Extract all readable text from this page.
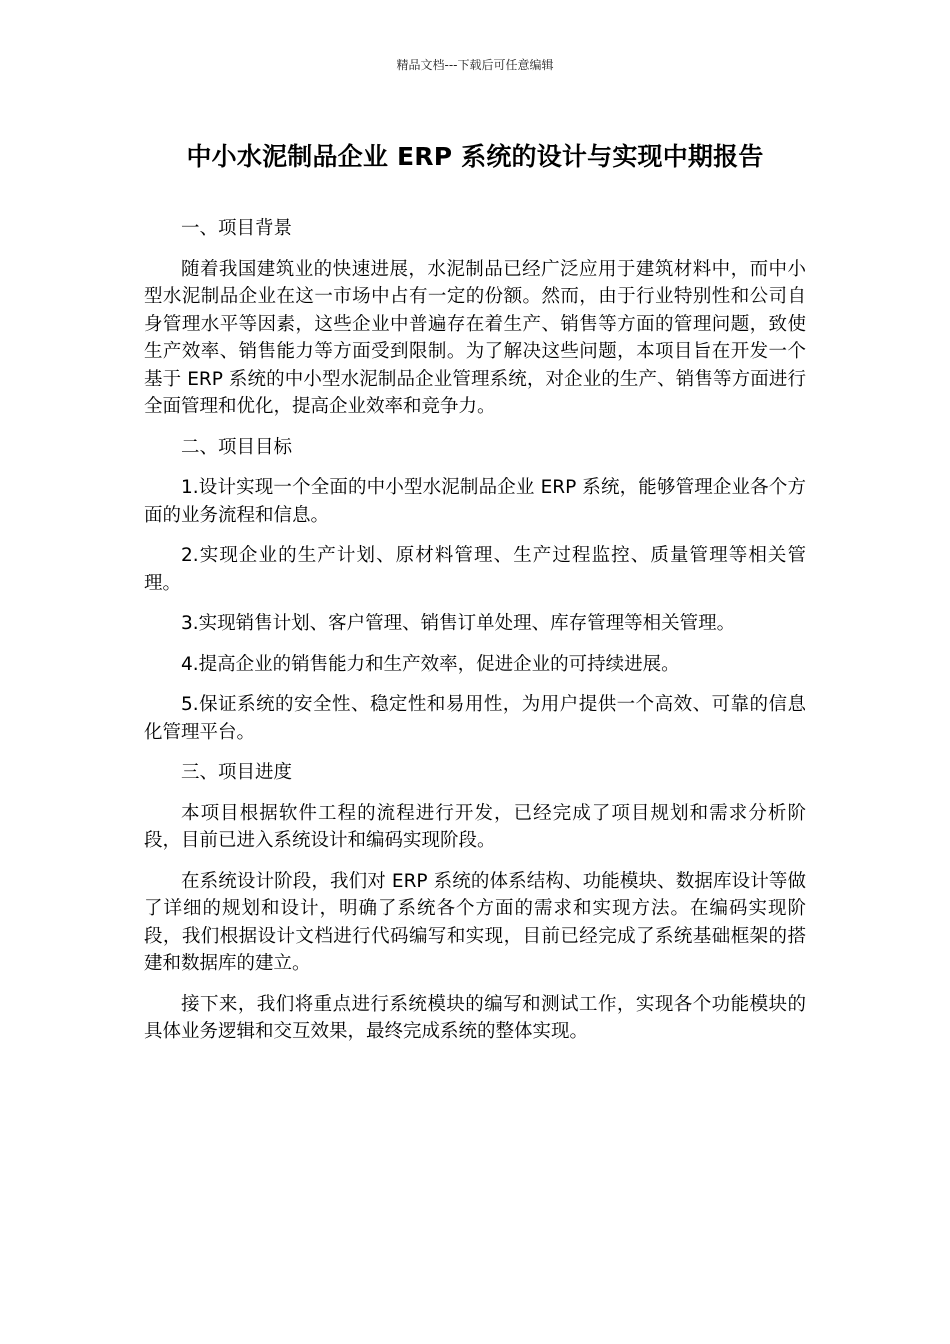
精品文档---下载后可任意编辑
中小水泥制品企业 ERP 系统的设计与实现中期报告

一、项目背景

随着我国建筑业的快速进展，水泥制品已经广泛应用于建筑材料中，而中小型水泥制品企业在这一市场中占有一定的份额。然而，由于行业特别性和公司自身管理水平等因素，这些企业中普遍存在着生产、销售等方面的管理问题，致使生产效率、销售能力等方面受到限制。为了解决这些问题，本项目旨在开发一个基于 ERP 系统的中小型水泥制品企业管理系统，对企业的生产、销售等方面进行全面管理和优化，提高企业效率和竞争力。

二、项目目标

1.设计实现一个全面的中小型水泥制品企业 ERP 系统，能够管理企业各个方面的业务流程和信息。

2.实现企业的生产计划、原材料管理、生产过程监控、质量管理等相关管理。

3.实现销售计划、客户管理、销售订单处理、库存管理等相关管理。

4.提高企业的销售能力和生产效率，促进企业的可持续进展。

5.保证系统的安全性、稳定性和易用性，为用户提供一个高效、可靠的信息化管理平台。

三、项目进度

本项目根据软件工程的流程进行开发，已经完成了项目规划和需求分析阶段，目前已进入系统设计和编码实现阶段。

在系统设计阶段，我们对 ERP 系统的体系结构、功能模块、数据库设计等做了详细的规划和设计，明确了系统各个方面的需求和实现方法。在编码实现阶段，我们根据设计文档进行代码编写和实现，目前已经完成了系统基础框架的搭建和数据库的建立。

接下来，我们将重点进行系统模块的编写和测试工作，实现各个功能模块的具体业务逻辑和交互效果，最终完成系统的整体实现。
